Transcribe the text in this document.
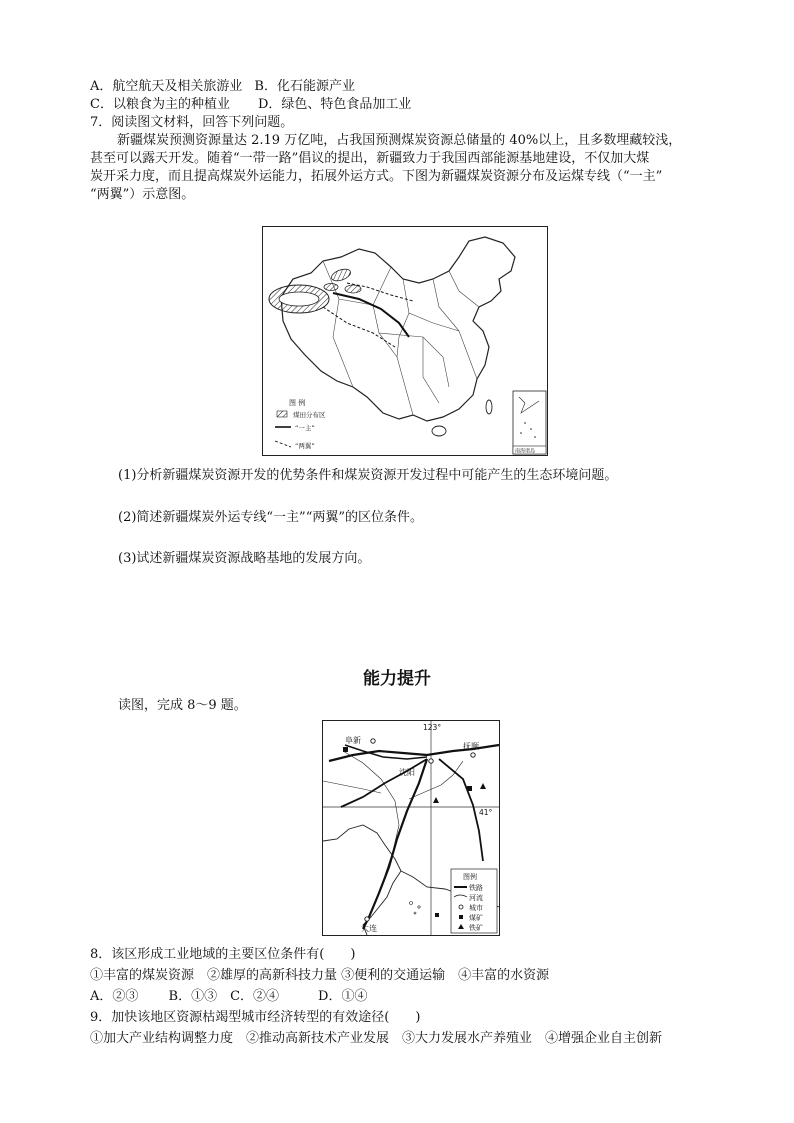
A．航空航天及相关旅游业 B．化石能源产业
C．以粮食为主的种植业 D．绿色、特色食品加工业
7．阅读图文材料，回答下列问题。
新疆煤炭预测资源量达 2.19 万亿吨，占我国预测煤炭资源总储量的 40%以上，且多数埋藏较浅，
甚至可以露天开发。随着“一带一路”倡议的提出，新疆致力于我国西部能源基地建设，不仅加大煤
炭开采力度，而且提高煤炭外运能力，拓展外运方式。下图为新疆煤炭资源分布及运煤专线（“一主”
“两翼”）示意图。
图 例
煤田分布区
“一主”
“两翼”
南海诸岛
(1)分析新疆煤炭资源开发的优势条件和煤炭资源开发过程中可能产生的生态环境问题。
(2)简述新疆煤炭外运专线“一主”“两翼”的区位条件。
(3)试述新疆煤炭资源战略基地的发展方向。
能力提升
读图，完成 8～9 题。
123°
41°
阜新
抚顺
沈阳
大连
图例
铁路
河流
城市
煤矿
铁矿
8．该区形成工业地域的主要区位条件有(　　)
①丰富的煤炭资源　②雄厚的高新科技力量 ③便利的交通运输　④丰富的水资源
A．②③　　 B．①③　C．②④　　　D．①④
9．加快该地区资源枯竭型城市经济转型的有效途径(　　)
①加大产业结构调整力度　②推动高新技术产业发展　③大力发展水产养殖业　④增强企业自主创新
